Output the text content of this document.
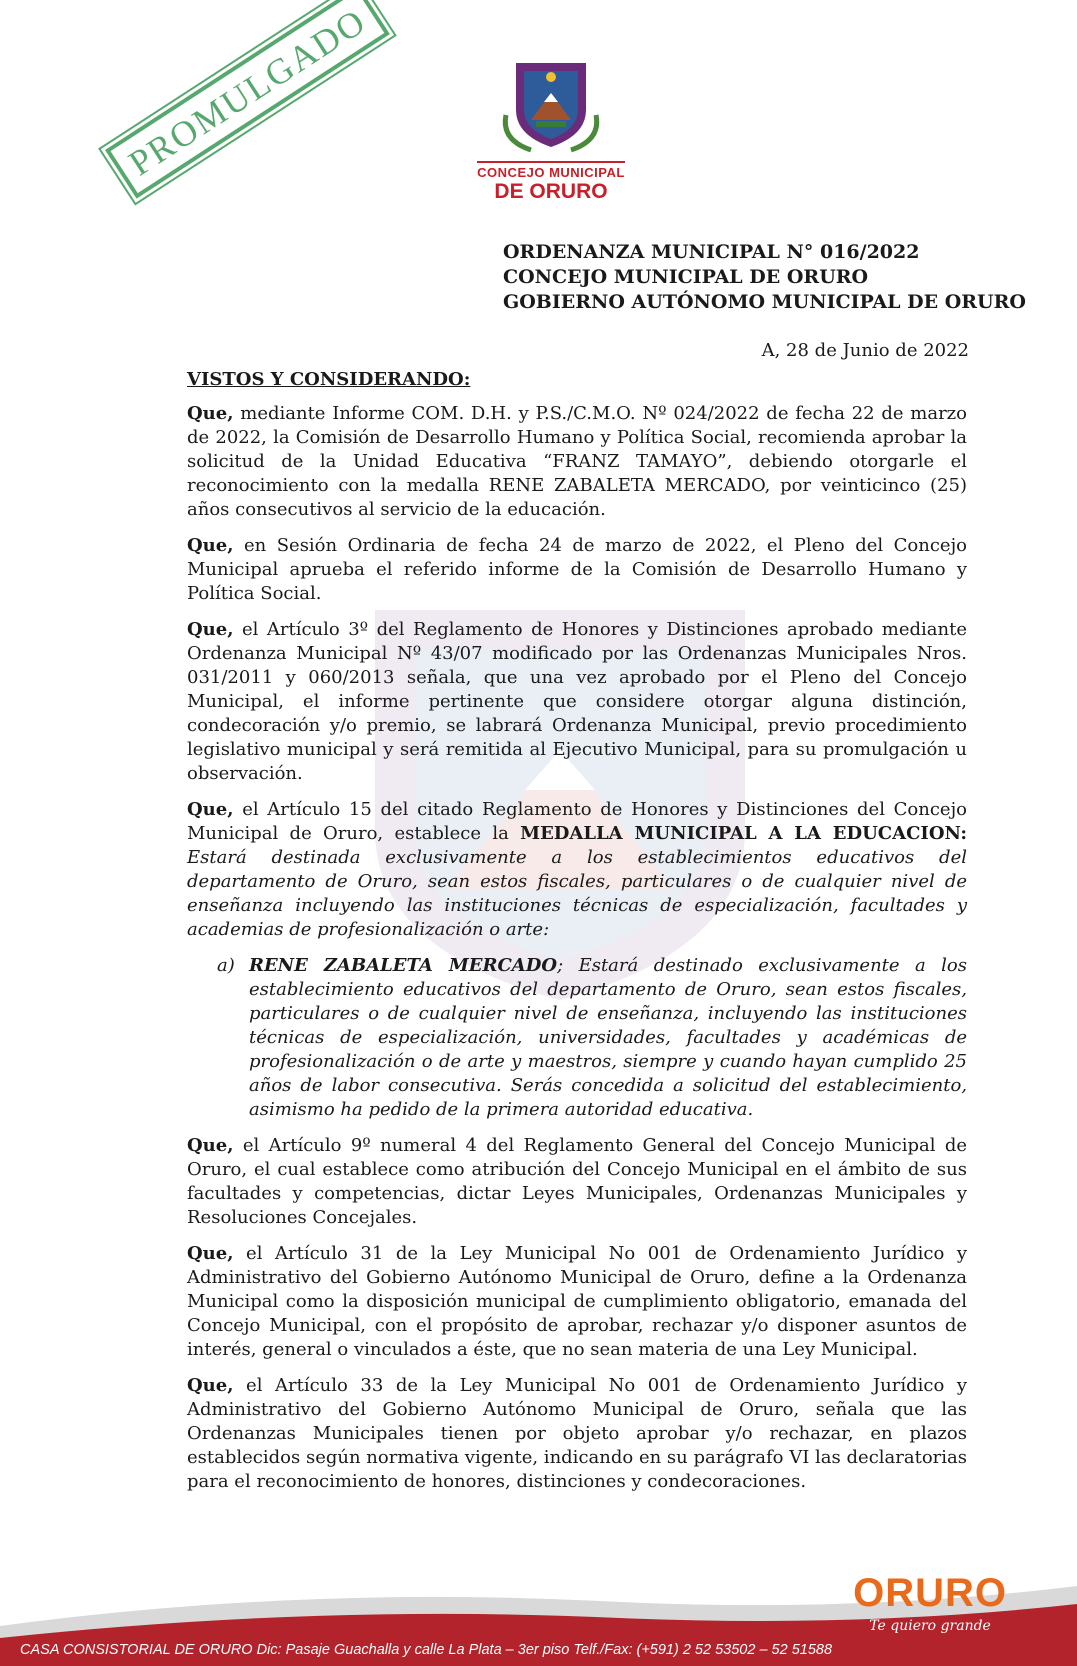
PROMULGADO	CONCEJO MUNICIPAL
DE ORURO
ORDENANZA MUNICIPAL N° 016/2022
CONCEJO MUNICIPAL DE ORURO
GOBIERNO AUTÓNOMO MUNICIPAL DE ORURO
A, 28 de Junio de 2022
VISTOS Y CONSIDERANDO:

Que, mediante Informe COM. D.H. y P.S./C.M.O. Nº 024/2022 de fecha 22 de marzo de 2022, la Comisión de Desarrollo Humano y Política Social, recomienda aprobar la solicitud de la Unidad Educativa “FRANZ TAMAYO”, debiendo otorgarle el reconocimiento con la medalla RENE ZABALETA MERCADO, por veinticinco (25) años consecutivos al servicio de la educación.

Que, en Sesión Ordinaria de fecha 24 de marzo de 2022, el Pleno del Concejo Municipal aprueba el referido informe de la Comisión de Desarrollo Humano y Política Social.

Que, el Artículo 3º del Reglamento de Honores y Distinciones aprobado mediante Ordenanza Municipal Nº 43/07 modificado por las Ordenanzas Municipales Nros. 031/2011 y 060/2013 señala, que una vez aprobado por el Pleno del Concejo Municipal, el informe pertinente que considere otorgar alguna distinción, condecoración y/o premio, se labrará Ordenanza Municipal, previo procedimiento legislativo municipal y será remitida al Ejecutivo Municipal, para su promulgación u observación.

Que, el Artículo 15 del citado Reglamento de Honores y Distinciones del Concejo Municipal de Oruro, establece la MEDALLA MUNICIPAL A LA EDUCACION: Estará destinada exclusivamente a los establecimientos educativos del departamento de Oruro, sean estos fiscales, particulares o de cualquier nivel de enseñanza incluyendo las instituciones técnicas de especialización, facultades y academias de profesionalización o arte:

a) RENE ZABALETA MERCADO; Estará destinado exclusivamente a los establecimiento educativos del departamento de Oruro, sean estos fiscales, particulares o de cualquier nivel de enseñanza, incluyendo las instituciones técnicas de especialización, universidades, facultades y académicas de profesionalización o de arte y maestros, siempre y cuando hayan cumplido 25 años de labor consecutiva. Serás concedida a solicitud del establecimiento, asimismo ha pedido de la primera autoridad educativa.

Que, el Artículo 9º numeral 4 del Reglamento General del Concejo Municipal de Oruro, el cual establece como atribución del Concejo Municipal en el ámbito de sus facultades y competencias, dictar Leyes Municipales, Ordenanzas Municipales y Resoluciones Concejales.

Que, el Artículo 31 de la Ley Municipal No 001 de Ordenamiento Jurídico y Administrativo del Gobierno Autónomo Municipal de Oruro, define a la Ordenanza Municipal como la disposición municipal de cumplimiento obligatorio, emanada del Concejo Municipal, con el propósito de aprobar, rechazar y/o disponer asuntos de interés, general o vinculados a éste, que no sean materia de una Ley Municipal.

Que, el Artículo 33 de la Ley Municipal No 001 de Ordenamiento Jurídico y Administrativo del Gobierno Autónomo Municipal de Oruro, señala que las Ordenanzas Municipales tienen por objeto aprobar y/o rechazar, en plazos establecidos según normativa vigente, indicando en su parágrafo VI las declaratorias para el reconocimiento de honores, distinciones y condecoraciones.

ORURO
Te quiero grande
CASA CONSISTORIAL DE ORURO Dic: Pasaje Guachalla y calle La Plata – 3er piso Telf./Fax: (+591) 2 52 53502 – 52 51588
